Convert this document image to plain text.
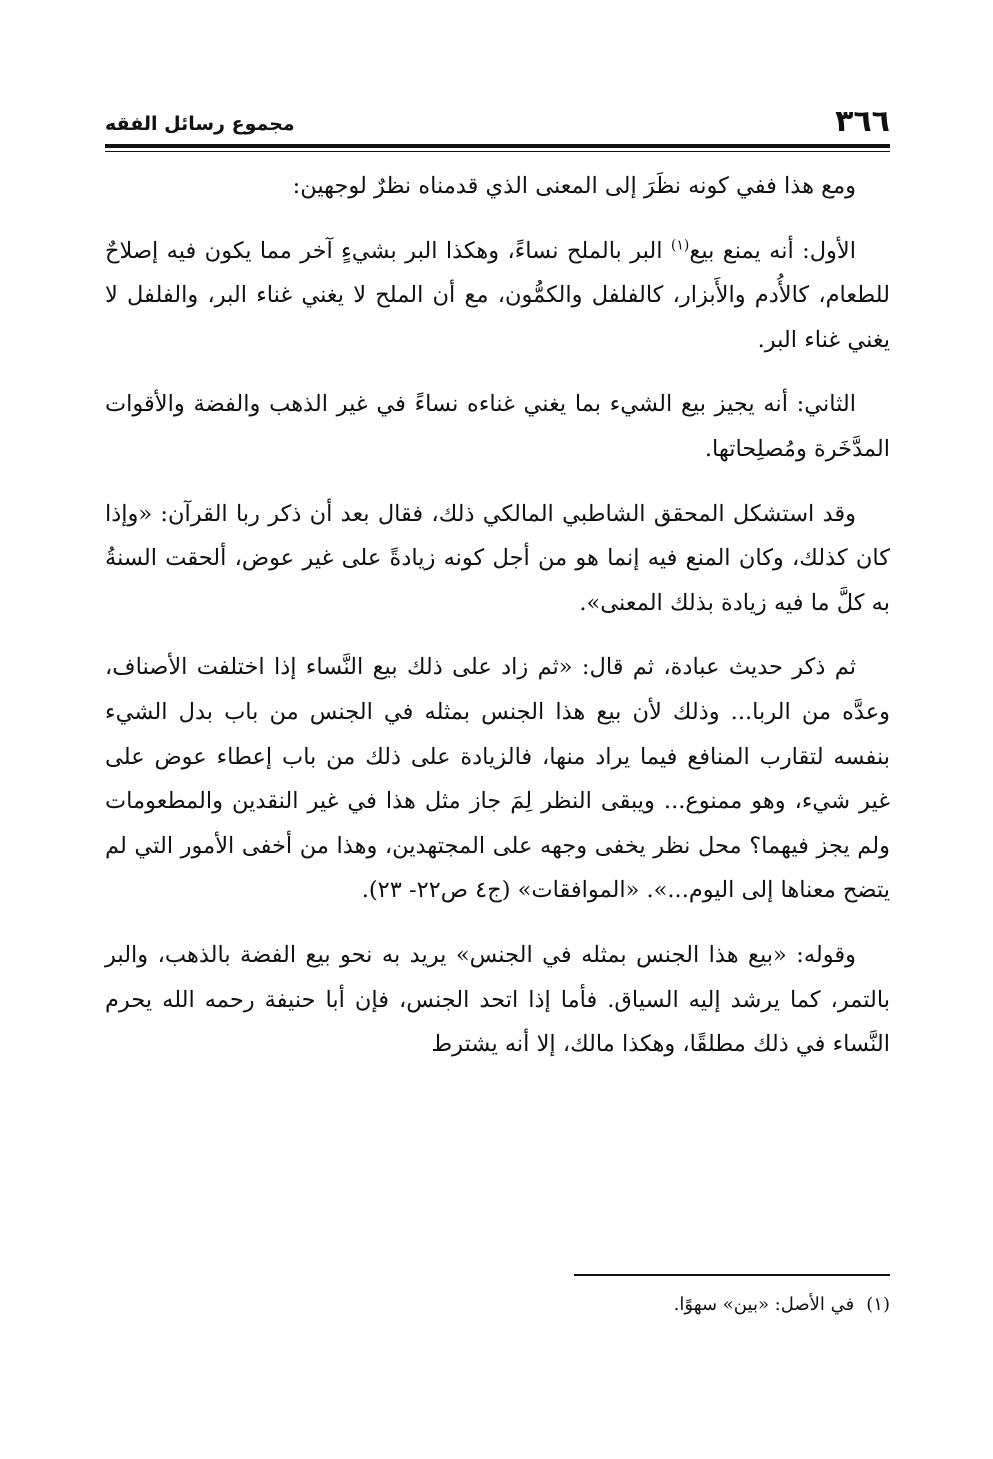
٣٦٦
مجموع رسائل الفقه

ومع هذا ففي كونه نظَرَ إلى المعنى الذي قدمناه نظرٌ لوجهين:

الأول: أنه يمنع بيع$^{(١)}$ البر بالملح نساءً، وهكذا البر بشيءٍ آخر مما يكون فيه إصلاحٌ للطعام، كالأُدم والأَبزار، كالفلفل والكمُّون، مع أن الملح لا يغني غناء البر، والفلفل لا يغني غناء البر.

الثاني: أنه يجيز بيع الشيء بما يغني غناءه نساءً في غير الذهب والفضة والأقوات المدَّخَرة ومُصلِحاتها.

وقد استشكل المحقق الشاطبي المالكي ذلك، فقال بعد أن ذكر ربا القرآن: «وإذا كان كذلك، وكان المنع فيه إنما هو من أجل كونه زيادةً على غير عوض، ألحقت السنةُ به كلَّ ما فيه زيادة بذلك المعنى».

ثم ذكر حديث عبادة، ثم قال: «ثم زاد على ذلك بيع النَّساء إذا اختلفت الأصناف، وعدَّه من الربا... وذلك لأن بيع هذا الجنس بمثله في الجنس من باب بدل الشيء بنفسه لتقارب المنافع فيما يراد منها، فالزيادة على ذلك من باب إعطاء عوض على غير شيء، وهو ممنوع... ويبقى النظر لِمَ جاز مثل هذا في غير النقدين والمطعومات ولم يجز فيهما؟ محل نظر يخفى وجهه على المجتهدين، وهذا من أخفى الأمور التي لم يتضح معناها إلى اليوم...». «الموافقات» (ج٤ ص٢٢- ٢٣).

وقوله: «بيع هذا الجنس بمثله في الجنس» يريد به نحو بيع الفضة بالذهب، والبر بالتمر، كما يرشد إليه السياق. فأما إذا اتحد الجنس، فإن أبا حنيفة رحمه الله يحرم النَّساء في ذلك مطلقًا، وهكذا مالك، إلا أنه يشترط

(١)في الأصل: «بين» سهوًا.
